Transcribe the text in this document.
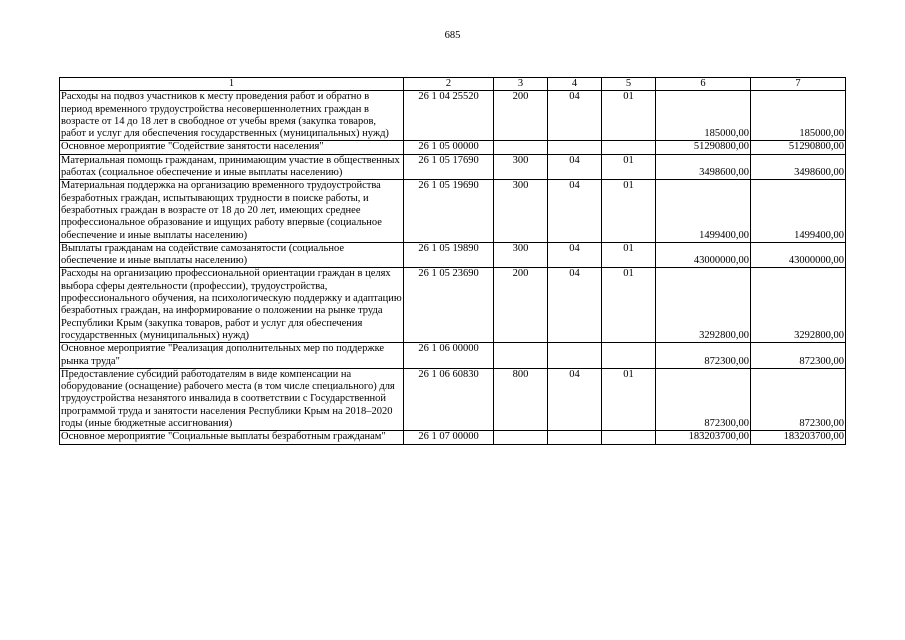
685
1	2	3	4	5	6	7
Расходы на подвоз участников к месту проведения работ и обратно в период временного трудоустройства несовершеннолетних граждан в возрасте от 14 до 18 лет в свободное от учебы время (закупка товаров, работ и услуг для обеспечения государственных (муниципальных) нужд)	26 1 04 25520	200	04	01	185000,00	185000,00
Основное мероприятие "Содействие занятости населения"	26 1 05 00000				51290800,00	51290800,00
Материальная помощь гражданам, принимающим участие в общественных работах (социальное обеспечение и иные выплаты населению)	26 1 05 17690	300	04	01	3498600,00	3498600,00
Материальная поддержка на организацию временного трудоустройства безработных граждан, испытывающих трудности в поиске работы, и безработных граждан в возрасте от 18 до 20 лет, имеющих среднее профессиональное образование и ищущих работу впервые (социальное обеспечение и иные выплаты населению)	26 1 05 19690	300	04	01	1499400,00	1499400,00
Выплаты гражданам на содействие самозанятости (социальное обеспечение и иные выплаты населению)	26 1 05 19890	300	04	01	43000000,00	43000000,00
Расходы на организацию профессиональной ориентации граждан в целях выбора сферы деятельности (профессии), трудоустройства, профессионального обучения, на психологическую поддержку и адаптацию безработных граждан, на информирование о положении на рынке труда Республики Крым (закупка товаров, работ и услуг для обеспечения государственных (муниципальных) нужд)	26 1 05 23690	200	04	01	3292800,00	3292800,00
Основное мероприятие "Реализация дополнительных мер по поддержке рынка труда"	26 1 06 00000				872300,00	872300,00
Предоставление субсидий работодателям в виде компенсации на оборудование (оснащение) рабочего места (в том числе специального) для трудоустройства незанятого инвалида в соответствии с Государственной программой труда и занятости населения Республики Крым на 2018–2020 годы (иные бюджетные ассигнования)	26 1 06 60830	800	04	01	872300,00	872300,00
Основное мероприятие "Социальные выплаты безработным гражданам"	26 1 07 00000				183203700,00	183203700,00
